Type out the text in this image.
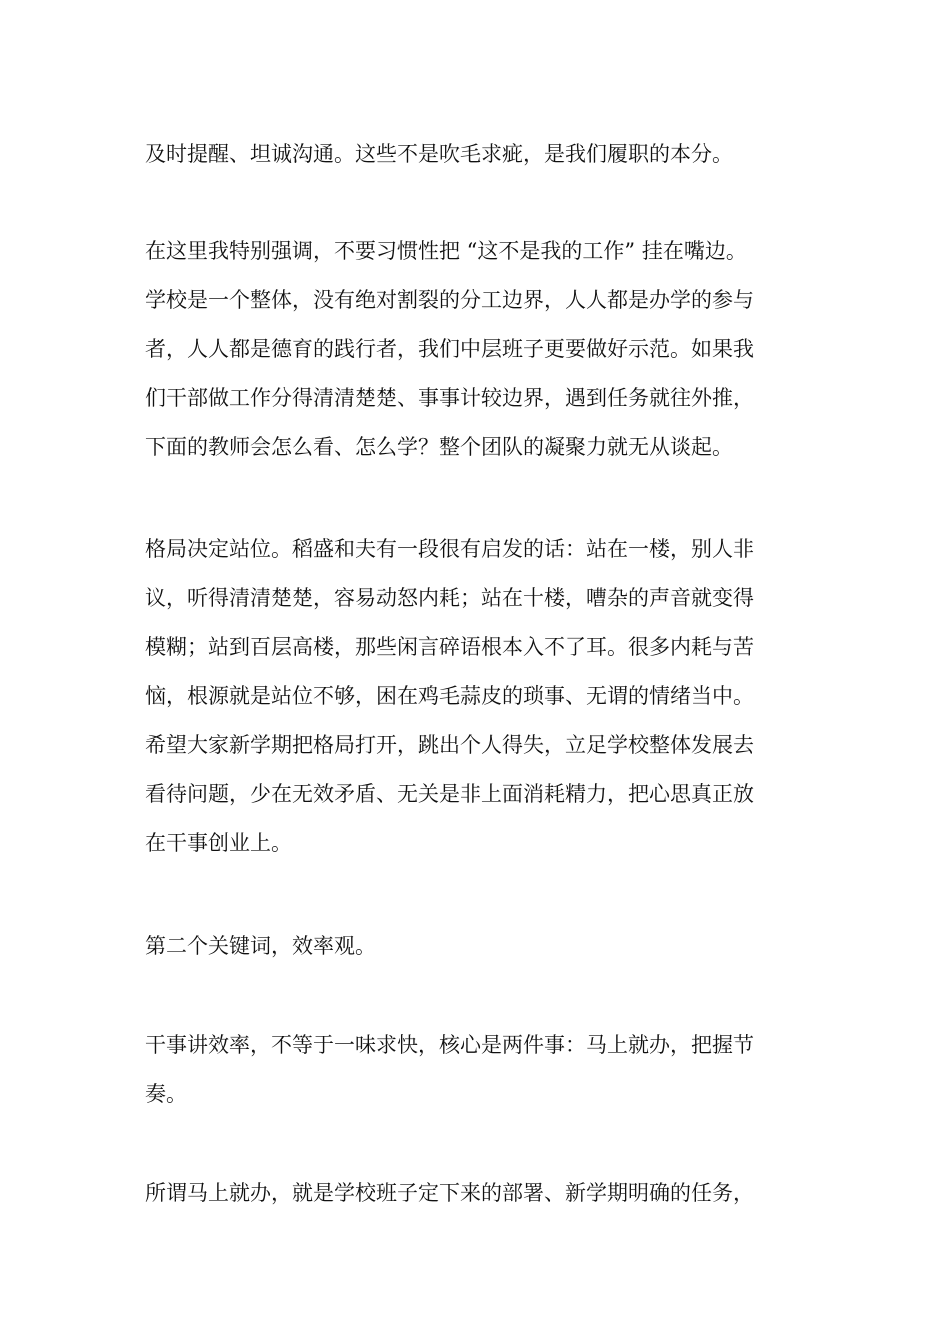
及时提醒、坦诚沟通。这些不是吹毛求疵，是我们履职的本分。
在这里我特别强调，不要习惯性把 “这不是我的工作” 挂在嘴边。
学校是一个整体，没有绝对割裂的分工边界，人人都是办学的参与
者，人人都是德育的践行者，我们中层班子更要做好示范。如果我
们干部做工作分得清清楚楚、事事计较边界，遇到任务就往外推，
下面的教师会怎么看、怎么学？整个团队的凝聚力就无从谈起。
格局决定站位。稻盛和夫有一段很有启发的话：站在一楼，别人非
议，听得清清楚楚，容易动怒内耗；站在十楼，嘈杂的声音就变得
模糊；站到百层高楼，那些闲言碎语根本入不了耳。很多内耗与苦
恼，根源就是站位不够，困在鸡毛蒜皮的琐事、无谓的情绪当中。
希望大家新学期把格局打开，跳出个人得失，立足学校整体发展去
看待问题，少在无效矛盾、无关是非上面消耗精力，把心思真正放
在干事创业上。
第二个关键词，效率观。
干事讲效率，不等于一味求快，核心是两件事：马上就办，把握节
奏。
所谓马上就办，就是学校班子定下来的部署、新学期明确的任务，
